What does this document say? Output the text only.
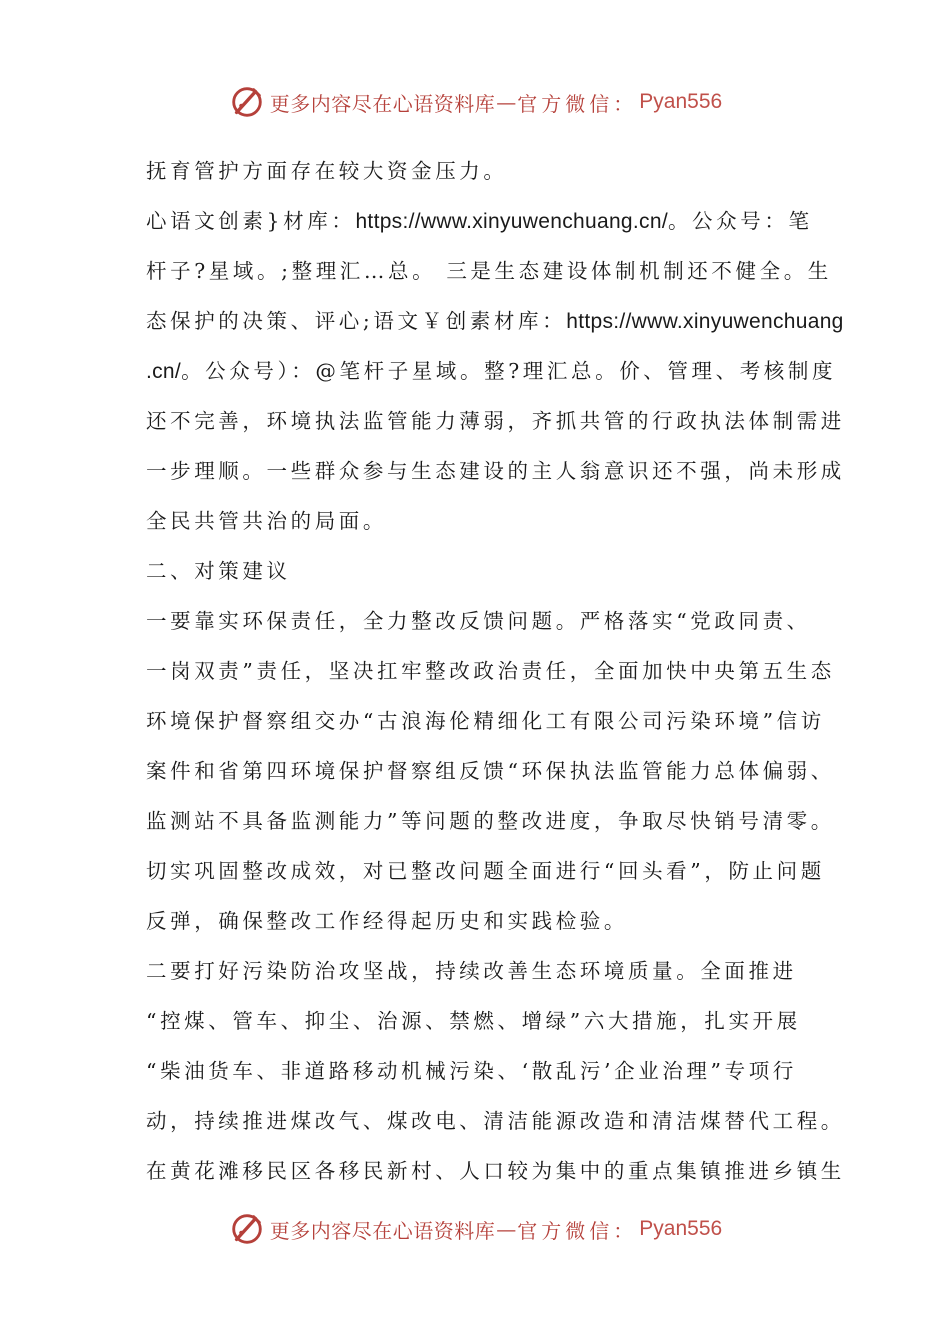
更多内容尽在心语资料库 — 官方微信： Pyan556
抚育管护方面存在较大资金压力。
心语文创素}材库：https://www.xinyuwenchuang.cn/。公众号：笔
杆子?星域。;整理汇…总。 三是生态建设体制机制还不健全。生
态保护的决策、评心;语文￥创素材库：https://www.xinyuwenchuang
.cn/。公众号）：@笔杆子星域。整?理汇总。价、管理、考核制度
还不完善，环境执法监管能力薄弱，齐抓共管的行政执法体制需进
一步理顺。一些群众参与生态建设的主人翁意识还不强，尚未形成
全民共管共治的局面。
二、对策建议
一要靠实环保责任，全力整改反馈问题。严格落实“党政同责、
一岗双责”责任，坚决扛牢整改政治责任，全面加快中央第五生态
环境保护督察组交办“古浪海伦精细化工有限公司污染环境”信访
案件和省第四环境保护督察组反馈“环保执法监管能力总体偏弱、
监测站不具备监测能力”等问题的整改进度，争取尽快销号清零。
切实巩固整改成效，对已整改问题全面进行“回头看”，防止问题
反弹，确保整改工作经得起历史和实践检验。
二要打好污染防治攻坚战，持续改善生态环境质量。全面推进
“控煤、管车、抑尘、治源、禁燃、增绿”六大措施，扎实开展
“柴油货车、非道路移动机械污染、‘散乱污’企业治理”专项行
动，持续推进煤改气、煤改电、清洁能源改造和清洁煤替代工程。
在黄花滩移民区各移民新村、人口较为集中的重点集镇推进乡镇生
更多内容尽在心语资料库 — 官方微信： Pyan556
